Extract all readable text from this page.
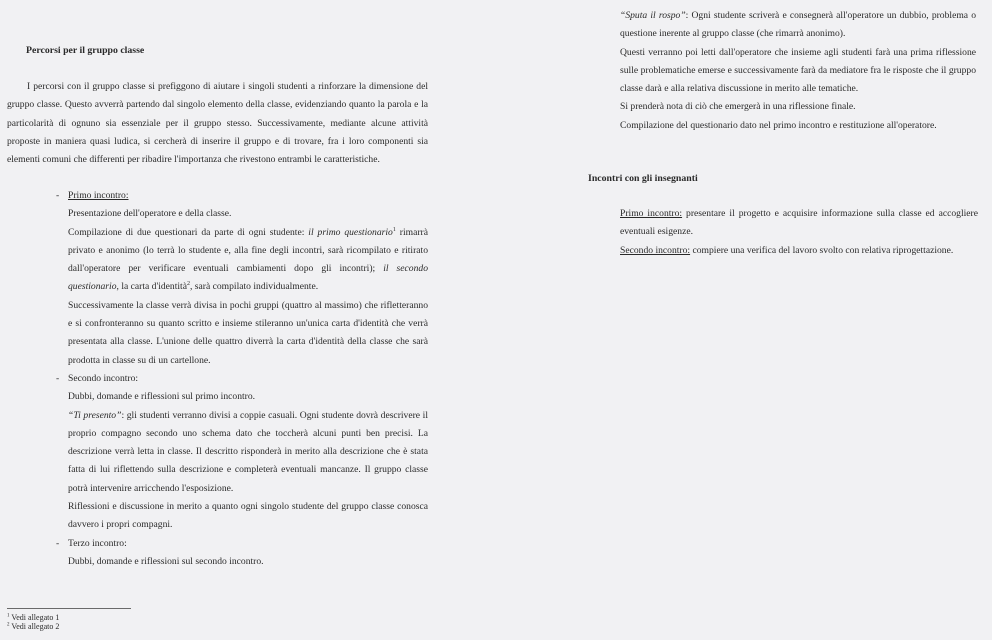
Percorsi per il gruppo classe

I percorsi con il gruppo classe si prefiggono di aiutare i singoli studenti a rinforzare la dimensione del gruppo classe. Questo avverrà partendo dal singolo elemento della classe, evidenziando quanto la parola e la particolarità di ognuno sia essenziale per il gruppo stesso. Successivamente, mediante alcune attività proposte in maniera quasi ludica, si cercherà di inserire il gruppo e di trovare, fra i loro componenti sia elementi comuni che differenti per ribadire l'importanza che rivestono entrambi le caratteristiche.

- Primo incontro:

Presentazione dell'operatore e della classe.

Compilazione di due questionari da parte di ogni studente: il primo questionario$^1$ rimarrà privato e anonimo (lo terrà lo studente e, alla fine degli incontri, sarà ricompilato e ritirato dall'operatore per verificare eventuali cambiamenti dopo gli incontri); il secondo questionario, la carta d'identità$^2$, sarà compilato individualmente.

Successivamente la classe verrà divisa in pochi gruppi (quattro al massimo) che rifletteranno e si confronteranno su quanto scritto e insieme stileranno un'unica carta d'identità che verrà presentata alla classe. L'unione delle quattro diverrà la carta d'identità della classe che sarà prodotta in classe su di un cartellone.

- Secondo incontro:

Dubbi, domande e riflessioni sul primo incontro.

“Ti presento”: gli studenti verranno divisi a coppie casuali. Ogni studente dovrà descrivere il proprio compagno secondo uno schema dato che toccherà alcuni punti ben precisi. La descrizione verrà letta in classe. Il descritto risponderà in merito alla descrizione che è stata fatta di lui riflettendo sulla descrizione e completerà eventuali mancanze. Il gruppo classe potrà intervenire arricchendo l'esposizione.

Riflessioni e discussione in merito a quanto ogni singolo studente del gruppo classe conosca davvero i propri compagni.

- Terzo incontro:

Dubbi, domande e riflessioni sul secondo incontro.

$^1$ Vedi allegato 1
$^2$ Vedi allegato 2

“Sputa il rospo”: Ogni studente scriverà e consegnerà all'operatore un dubbio, problema o questione inerente al gruppo classe (che rimarrà anonimo).

Questi verranno poi letti dall'operatore che insieme agli studenti farà una prima riflessione sulle problematiche emerse e successivamente farà da mediatore fra le risposte che il gruppo classe darà e alla relativa discussione in merito alle tematiche.

Si prenderà nota di ciò che emergerà in una riflessione finale.

Compilazione del questionario dato nel primo incontro e restituzione all'operatore.

Incontri con gli insegnanti

Primo incontro: presentare il progetto e acquisire informazione sulla classe ed accogliere eventuali esigenze.

Secondo incontro: compiere una verifica del lavoro svolto con relativa riprogettazione.
